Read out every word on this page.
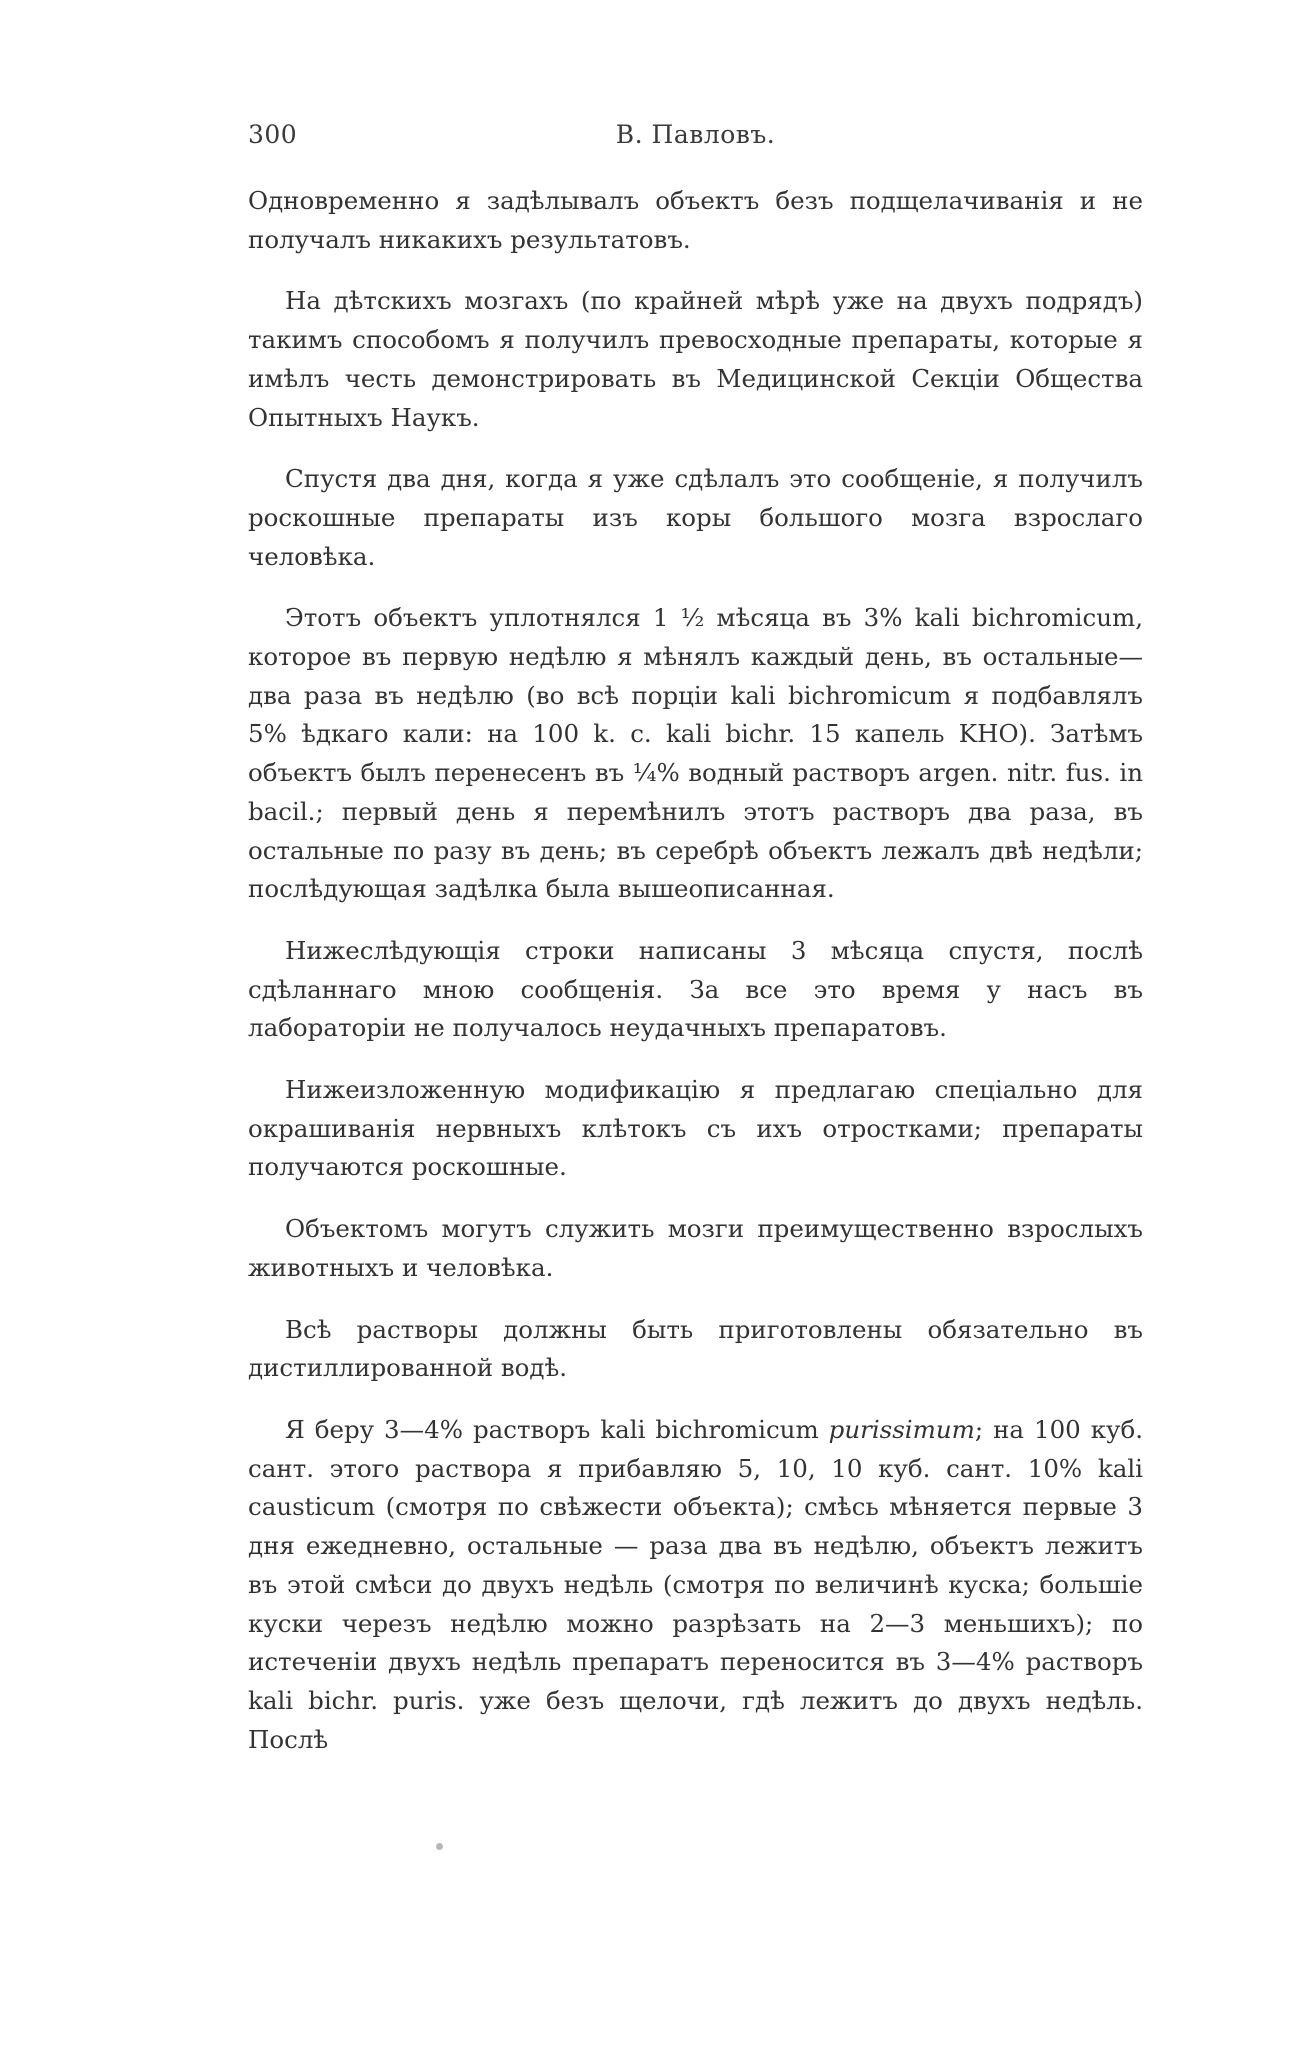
300	В. Павловъ.

Одновременно я задѣлывалъ объектъ безъ подщелачиванія и не получалъ никакихъ результатовъ.

На дѣтскихъ мозгахъ (по крайней мѣрѣ уже на двухъ подрядъ) такимъ способомъ я получилъ превосходные препараты, которые я имѣлъ честь демонстрировать въ Медицинской Секціи Общества Опытныхъ Наукъ.

Спустя два дня, когда я уже сдѣлалъ это сообщеніе, я получилъ роскошные препараты изъ коры большого мозга взрослаго человѣка.

Этотъ объектъ уплотнялся 1 ½ мѣсяца въ 3% kali bichromicum, которое въ первую недѣлю я мѣнялъ каждый день, въ остальные—два раза въ недѣлю (во всѣ порціи kali bichromicum я подбавлялъ 5% ѣдкаго кали: на 100 k. c. kali bichr. 15 капель KHO). Затѣмъ объектъ былъ перенесенъ въ ¼% водный растворъ argen. nitr. fus. in bacil.; первый день я перемѣнилъ этотъ растворъ два раза, въ остальные по разу въ день; въ серебрѣ объектъ лежалъ двѣ недѣли; послѣдующая задѣлка была вышеописанная.

Нижеслѣдующія строки написаны 3 мѣсяца спустя, послѣ сдѣланнаго мною сообщенія. За все это время у насъ въ лабораторіи не получалось неудачныхъ препаратовъ.

Нижеизложенную модификацію я предлагаю спеціально для окрашиванія нервныхъ клѣтокъ съ ихъ отростками; препараты получаются роскошные.

Объектомъ могутъ служить мозги преимущественно взрослыхъ животныхъ и человѣка.

Всѣ растворы должны быть приготовлены обязательно въ дистиллированной водѣ.

Я беру 3—4% растворъ kali bichromicum purissimum; на 100 куб. сант. этого раствора я прибавляю 5, 10, 10 куб. сант. 10% kali causticum (смотря по свѣжести объекта); смѣсь мѣняется первые 3 дня ежедневно, остальные — раза два въ недѣлю, объектъ лежитъ въ этой смѣси до двухъ недѣль (смотря по величинѣ куска; большіе куски черезъ недѣлю можно разрѣзать на 2—3 меньшихъ); по истеченіи двухъ недѣль препаратъ переносится въ 3—4% растворъ kali bichr. puris. уже безъ щелочи, гдѣ лежитъ до двухъ недѣль. Послѣ
